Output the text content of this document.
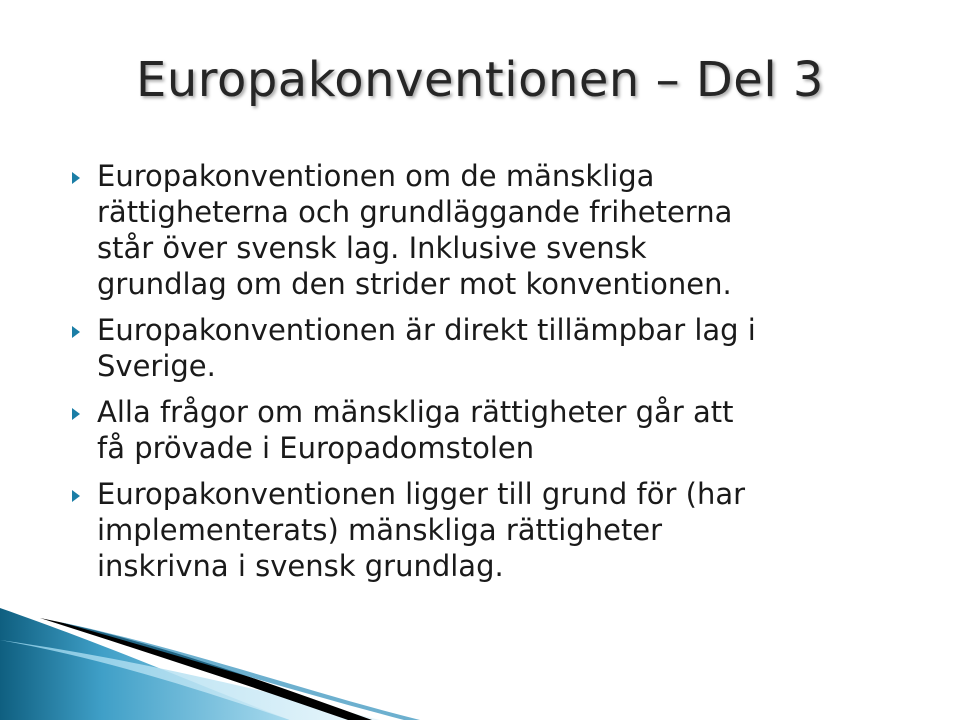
Europakonventionen – Del 3
Europakonventionen om de mänskliga
rättigheterna och grundläggande friheterna
står över svensk lag. Inklusive svensk
grundlag om den strider mot konventionen.
Europakonventionen är direkt tillämpbar lag i
Sverige.
Alla frågor om mänskliga rättigheter går att
få prövade i Europadomstolen
Europakonventionen ligger till grund för (har
implementerats) mänskliga rättigheter
inskrivna i svensk grundlag.
